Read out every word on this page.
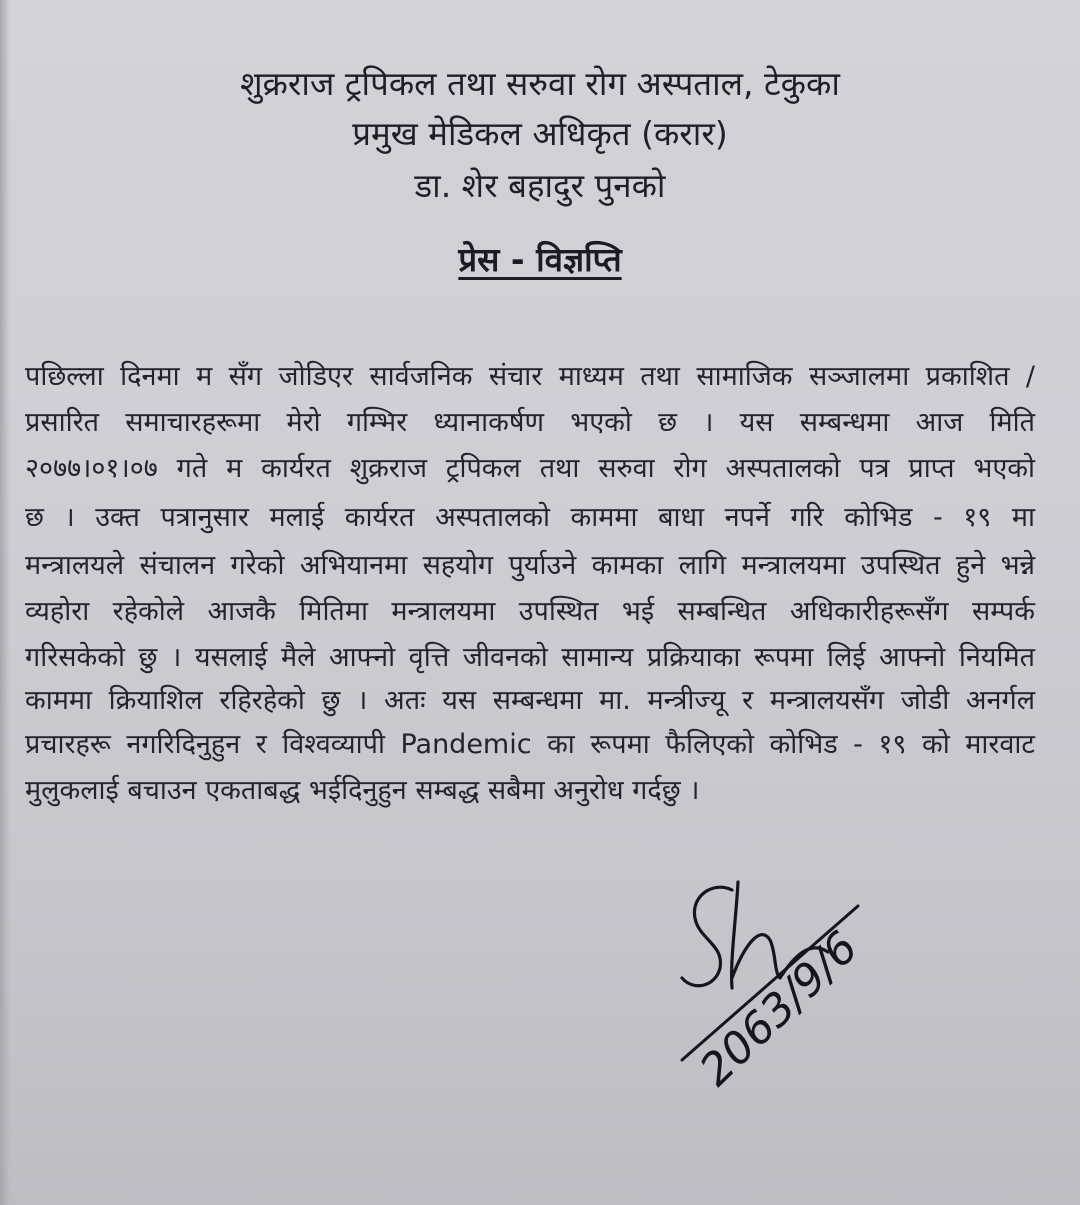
शुक्रराज ट्रपिकल तथा सरुवा रोग अस्पताल, टेकुका
प्रमुख मेडिकल अधिकृत (करार)
डा. शेर बहादुर पुनको
प्रेस - विज्ञप्ति
पछिल्ला दिनमा म सँग जोडिएर सार्वजनिक संचार माध्यम तथा सामाजिक सञ्जालमा प्रकाशित /
प्रसारित समाचारहरूमा मेरो गम्भिर ध्यानाकर्षण भएको छ । यस सम्बन्धमा आज मिति
२०७७।०१।०७ गते म कार्यरत शुक्रराज ट्रपिकल तथा सरुवा रोग अस्पतालको पत्र प्राप्त भएको
छ । उक्त पत्रानुसार मलाई कार्यरत अस्पतालको काममा बाधा नपर्ने गरि कोभिड - १९ मा
मन्त्रालयले संचालन गरेको अभियानमा सहयोग पुर्याउने कामका लागि मन्त्रालयमा उपस्थित हुने भन्ने
व्यहोरा रहेकोले आजकै मितिमा मन्त्रालयमा उपस्थित भई सम्बन्धित अधिकारीहरूसँग सम्पर्क
गरिसकेको छु । यसलाई मैले आफ्नो वृत्ति जीवनको सामान्य प्रक्रियाका रूपमा लिई आफ्नो नियमित
काममा क्रियाशिल रहिरहेको छु । अतः यस सम्बन्धमा मा. मन्त्रीज्यू र मन्त्रालयसँग जोडी अनर्गल
प्रचारहरू नगरिदिनुहुन र विश्वव्यापी Pandemic का रूपमा फैलिएको कोभिड - १९ को मारवाट
मुलुकलाई बचाउन एकताबद्ध भईदिनुहुन सम्बद्ध सबैमा अनुरोध गर्दछु ।
2063/9/6
